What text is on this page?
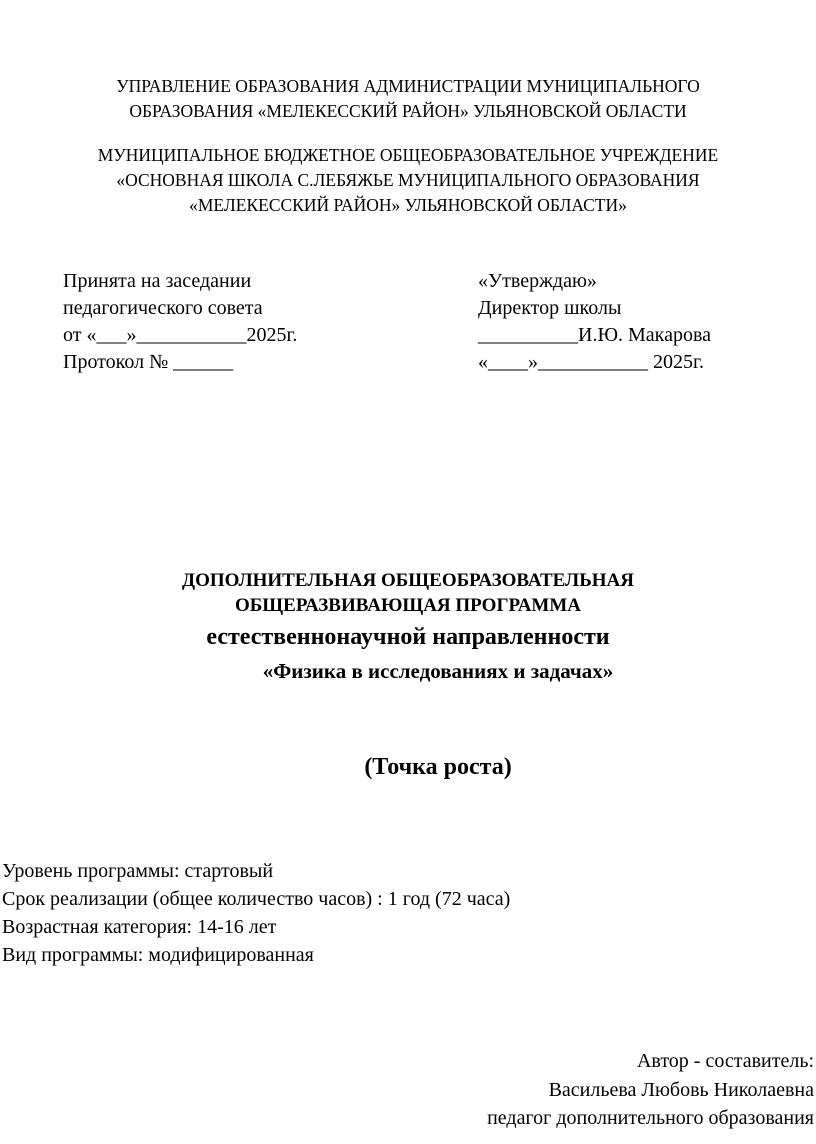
УПРАВЛЕНИЕ ОБРАЗОВАНИЯ АДМИНИСТРАЦИИ МУНИЦИПАЛЬНОГО
ОБРАЗОВАНИЯ «МЕЛЕКЕССКИЙ РАЙОН» УЛЬЯНОВСКОЙ ОБЛАСТИ
МУНИЦИПАЛЬНОЕ БЮДЖЕТНОЕ ОБЩЕОБРАЗОВАТЕЛЬНОЕ УЧРЕЖДЕНИЕ
«ОСНОВНАЯ ШКОЛА С.ЛЕБЯЖЬЕ МУНИЦИПАЛЬНОГО ОБРАЗОВАНИЯ
«МЕЛЕКЕССКИЙ РАЙОН» УЛЬЯНОВСКОЙ ОБЛАСТИ»
Принята на заседании
педагогического совета
от «___»___________2025г.
Протокол № ______
«Утверждаю»
Директор школы
__________И.Ю. Макарова
«____»___________ 2025г.
ДОПОЛНИТЕЛЬНАЯ ОБЩЕОБРАЗОВАТЕЛЬНАЯ
ОБЩЕРАЗВИВАЮЩАЯ ПРОГРАММА
естественнонаучной направленности
«Физика в исследованиях и задачах»
(Точка роста)
Уровень программы: стартовый
Срок реализации (общее количество часов) : 1 год (72 часа)
Возрастная категория: 14-16 лет
Вид программы: модифицированная
Автор - составитель:
Васильева Любовь Николаевна
педагог дополнительного образования
